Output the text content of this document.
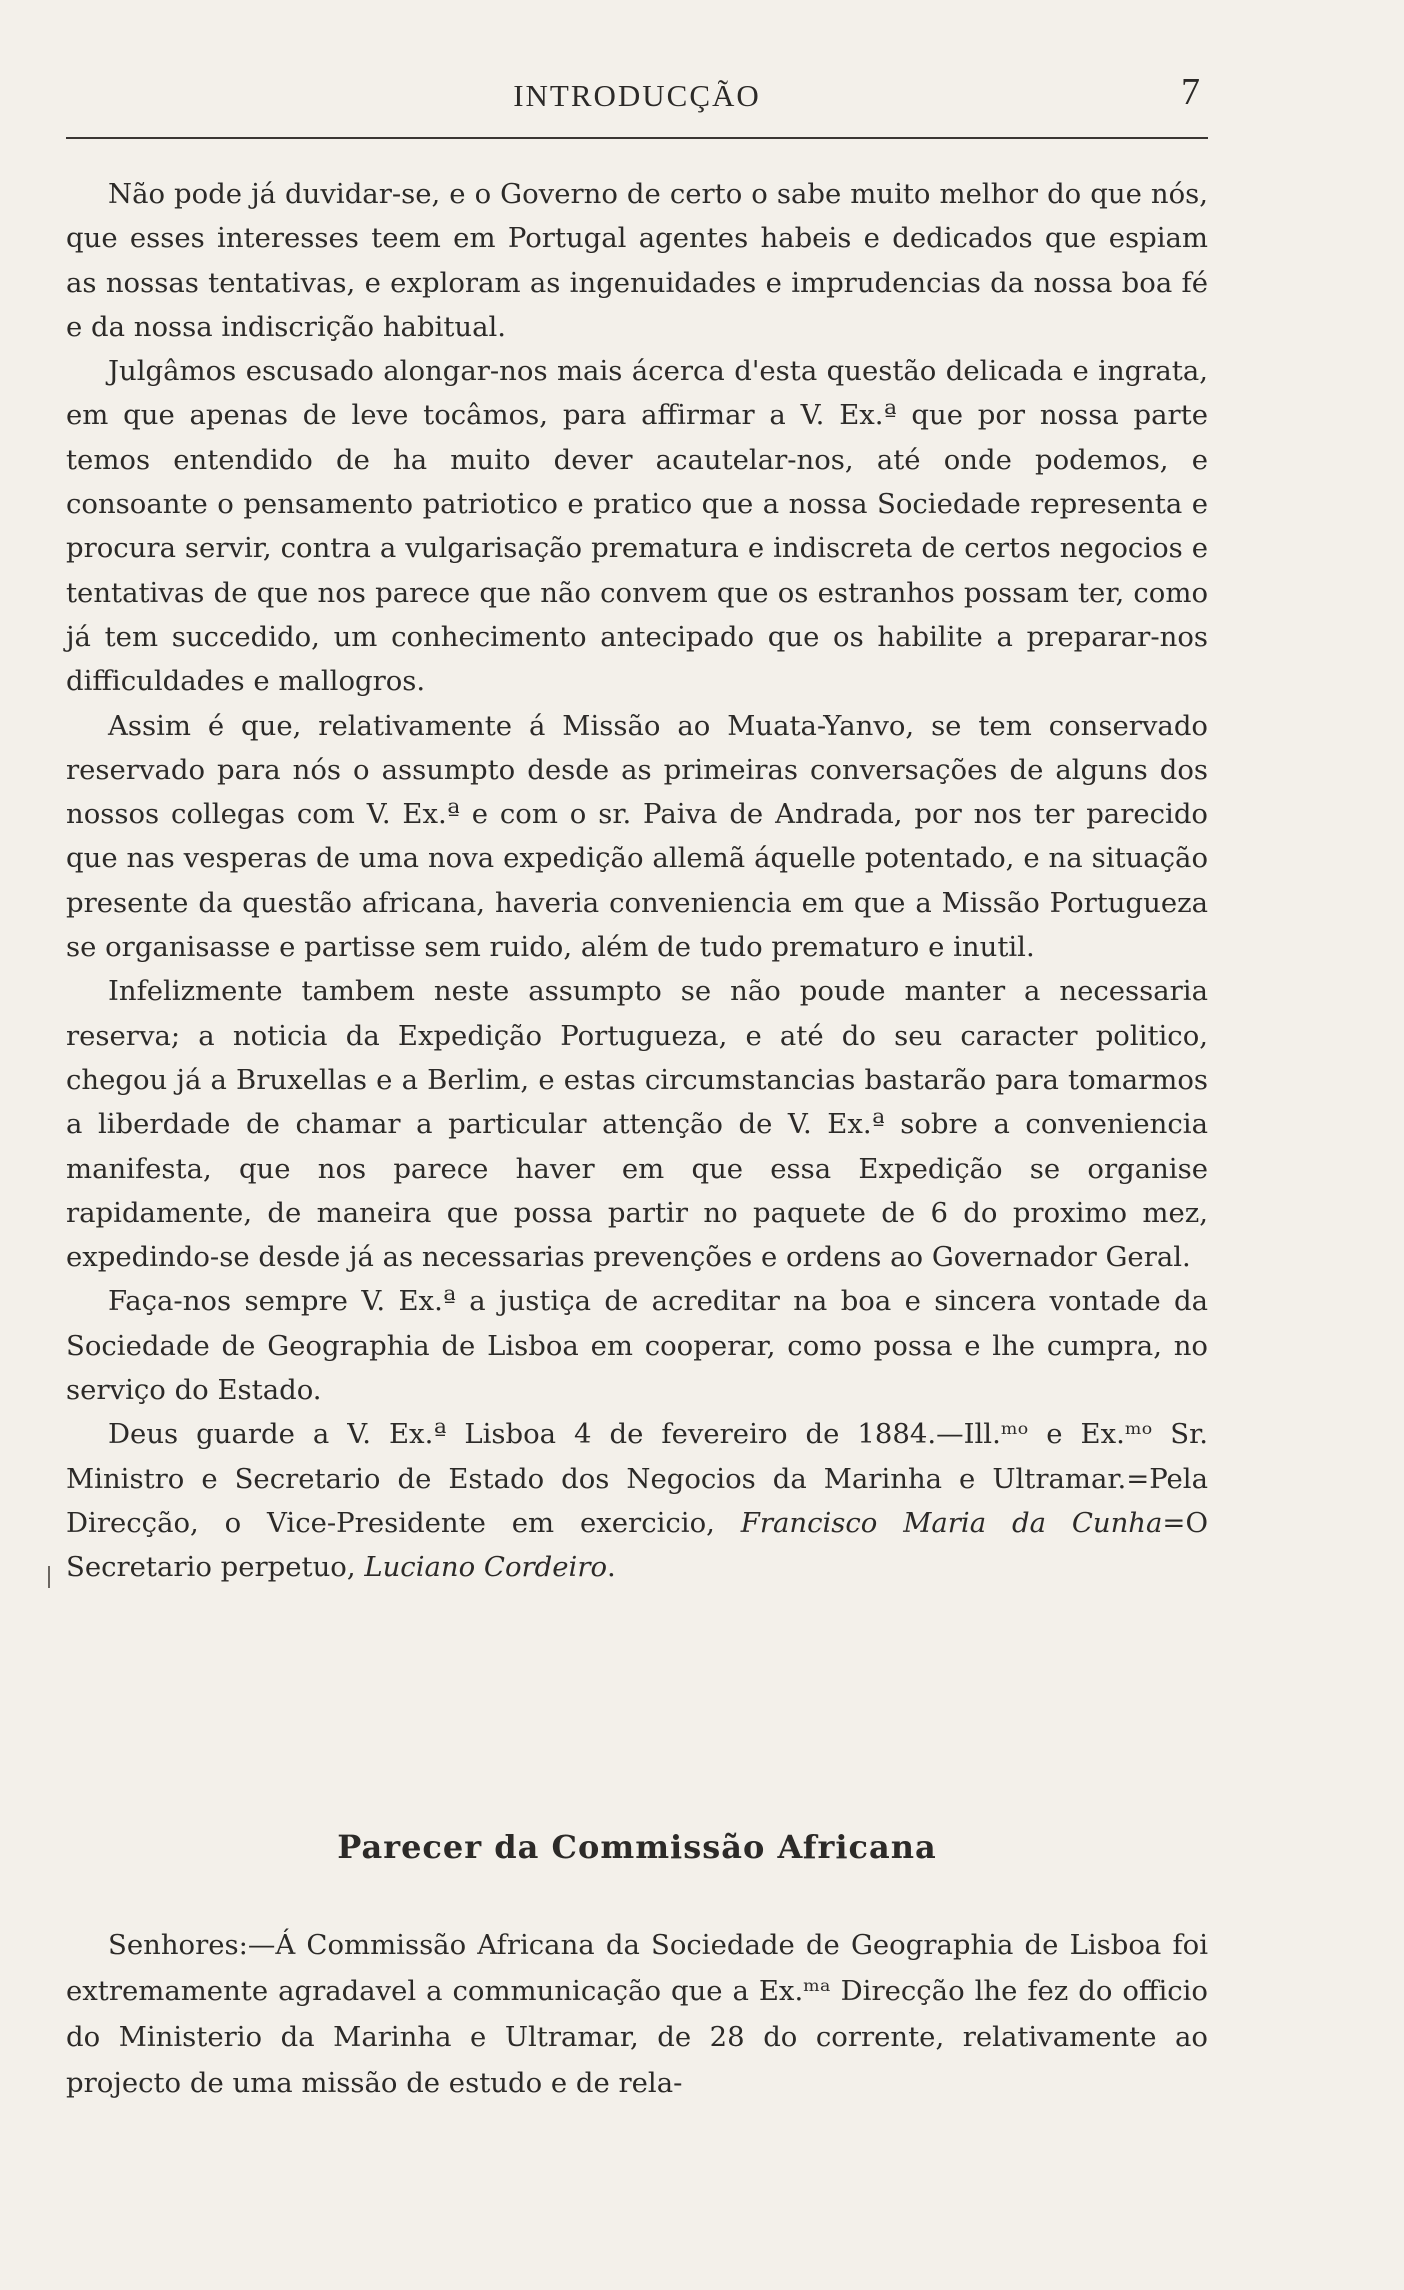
INTRODUCÇÃO	7

Não pode já duvidar-se, e o Governo de certo o sabe muito melhor do que nós, que esses interesses teem em Portugal agentes habeis e dedicados que espiam as nossas tentativas, e exploram as ingenuidades e imprudencias da nossa boa fé e da nossa indiscrição habitual.

Julgâmos escusado alongar-nos mais ácerca d'esta questão delicada e ingrata, em que apenas de leve tocâmos, para affirmar a V. Ex.ª que por nossa parte temos entendido de ha muito dever acautelar-nos, até onde podemos, e consoante o pensamento patriotico e pratico que a nossa Sociedade representa e procura servir, contra a vulgarisação prematura e indiscreta de certos negocios e tentativas de que nos parece que não convem que os estranhos possam ter, como já tem succedido, um conhecimento antecipado que os habilite a preparar-nos difficuldades e mallogros.

Assim é que, relativamente á Missão ao Muata-Yanvo, se tem conservado reservado para nós o assumpto desde as primeiras conversações de alguns dos nossos collegas com V. Ex.ª e com o sr. Paiva de Andrada, por nos ter parecido que nas vesperas de uma nova expedição allemã áquelle potentado, e na situação presente da questão africana, haveria conveniencia em que a Missão Portugueza se organisasse e partisse sem ruido, além de tudo prematuro e inutil.

Infelizmente tambem neste assumpto se não poude manter a necessaria reserva; a noticia da Expedição Portugueza, e até do seu caracter politico, chegou já a Bruxellas e a Berlim, e estas circumstancias bastarão para tomarmos a liberdade de chamar a particular attenção de V. Ex.ª sobre a conveniencia manifesta, que nos parece haver em que essa Expedição se organise rapidamente, de maneira que possa partir no paquete de 6 do proximo mez, expedindo-se desde já as necessarias prevenções e ordens ao Governador Geral.

Faça-nos sempre V. Ex.ª a justiça de acreditar na boa e sincera vontade da Sociedade de Geographia de Lisboa em cooperar, como possa e lhe cumpra, no serviço do Estado.

Deus guarde a V. Ex.ª Lisboa 4 de fevereiro de 1884.—Ill.ᵐᵒ e Ex.ᵐᵒ Sr. Ministro e Secretario de Estado dos Negocios da Marinha e Ultramar.=Pela Direcção, o Vice-Presidente em exercicio, Francisco Maria da Cunha=O Secretario perpetuo, Luciano Cordeiro.

Parecer da Commissão Africana

Senhores:—Á Commissão Africana da Sociedade de Geographia de Lisboa foi extremamente agradavel a communicação que a Ex.ᵐᵃ Direcção lhe fez do officio do Ministerio da Marinha e Ultramar, de 28 do corrente, relativamente ao projecto de uma missão de estudo e de rela-
